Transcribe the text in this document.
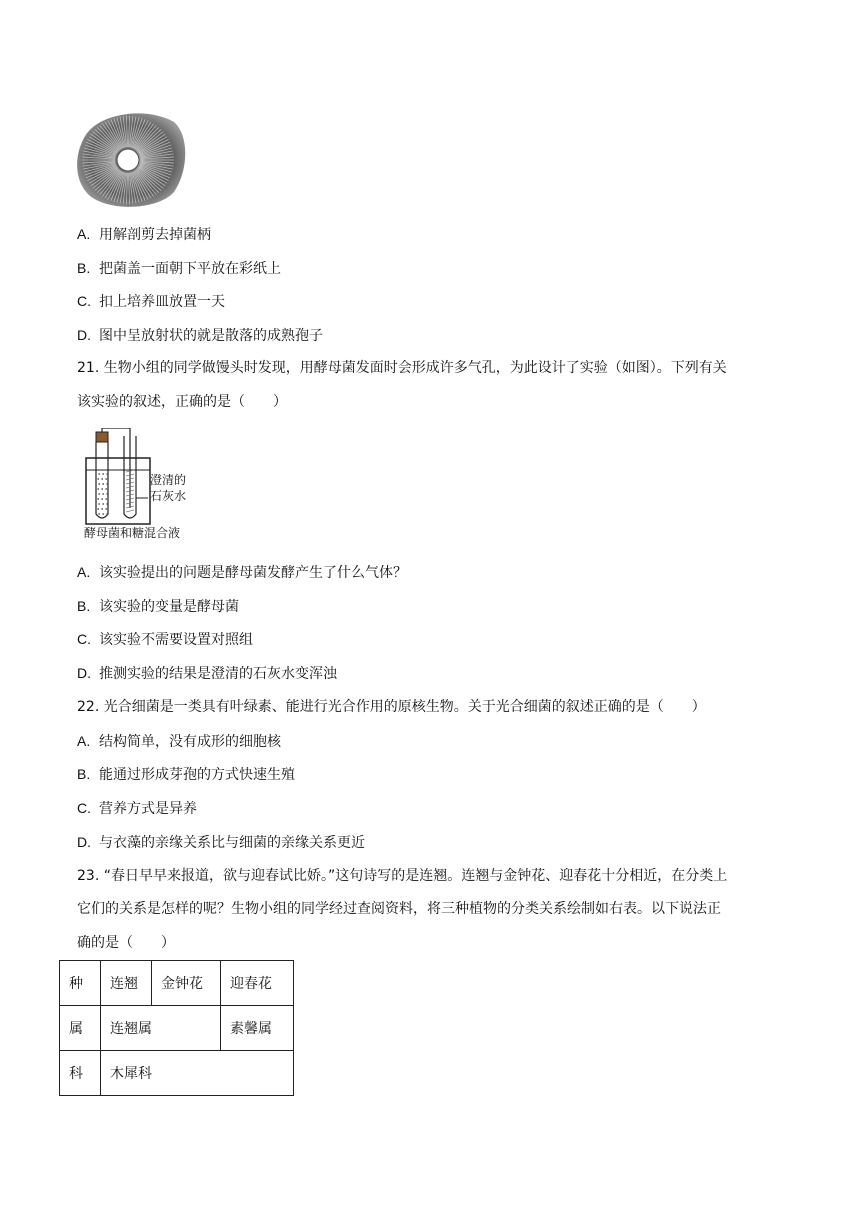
A. 用解剖剪去掉菌柄
B. 把菌盖一面朝下平放在彩纸上
C. 扣上培养皿放置一天
D. 图中呈放射状的就是散落的成熟孢子
21. 生物小组的同学做馒头时发现，用酵母菌发面时会形成许多气孔，为此设计了实验（如图）。下列有关
该实验的叙述，正确的是（　　）
澄清的
石灰水
酵母菌和糖混合液
A. 该实验提出的问题是酵母菌发酵产生了什么气体？
B. 该实验的变量是酵母菌
C. 该实验不需要设置对照组
D. 推测实验的结果是澄清的石灰水变浑浊
22. 光合细菌是一类具有叶绿素、能进行光合作用的原核生物。关于光合细菌的叙述正确的是（　　）
A. 结构简单，没有成形的细胞核
B. 能通过形成芽孢的方式快速生殖
C. 营养方式是异养
D. 与衣藻的亲缘关系比与细菌的亲缘关系更近
23. “春日早早来报道，欲与迎春试比娇。”这句诗写的是连翘。连翘与金钟花、迎春花十分相近，在分类上
它们的关系是怎样的呢？生物小组的同学经过查阅资料，将三种植物的分类关系绘制如右表。以下说法正
确的是（　　）
种	连翘	金钟花	迎春花
属	连翘属		素馨属
科	木犀科		
